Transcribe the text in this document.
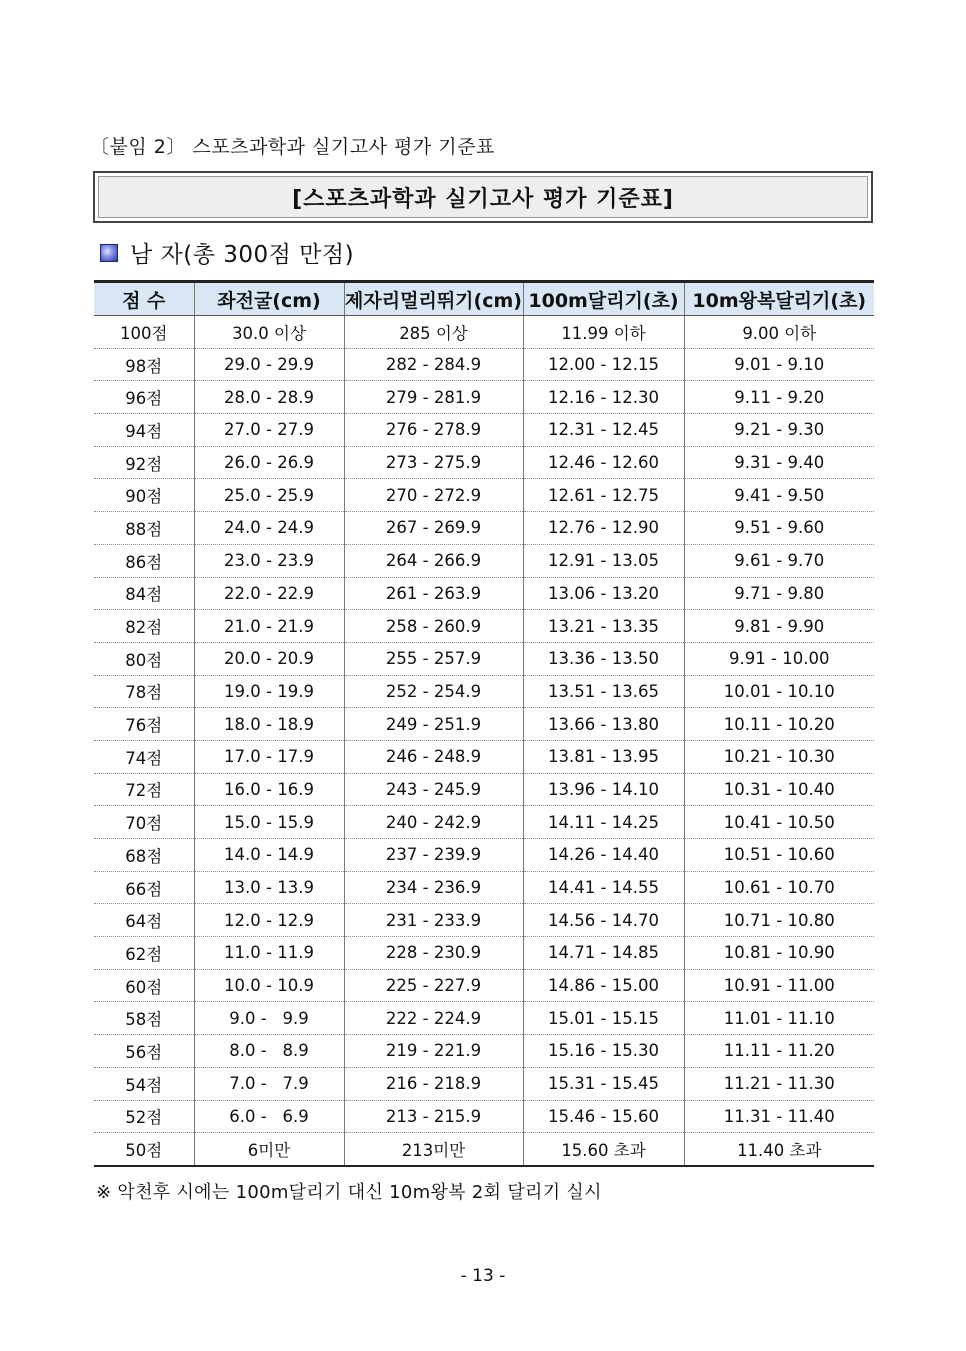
〔붙임 2〕 스포츠과학과 실기고사 평가 기준표
[스포츠과학과 실기고사 평가 기준표]
남 자(총 300점 만점)
점 수	좌전굴(cm)	제자리멀리뛰기(cm)	100m달리기(초)	10m왕복달리기(초)
100점	30.0 이상	285 이상	11.99 이하	9.00 이하
98점	29.0 - 29.9	282 - 284.9	12.00 - 12.15	9.01 - 9.10
96점	28.0 - 28.9	279 - 281.9	12.16 - 12.30	9.11 - 9.20
94점	27.0 - 27.9	276 - 278.9	12.31 - 12.45	9.21 - 9.30
92점	26.0 - 26.9	273 - 275.9	12.46 - 12.60	9.31 - 9.40
90점	25.0 - 25.9	270 - 272.9	12.61 - 12.75	9.41 - 9.50
88점	24.0 - 24.9	267 - 269.9	12.76 - 12.90	9.51 - 9.60
86점	23.0 - 23.9	264 - 266.9	12.91 - 13.05	9.61 - 9.70
84점	22.0 - 22.9	261 - 263.9	13.06 - 13.20	9.71 - 9.80
82점	21.0 - 21.9	258 - 260.9	13.21 - 13.35	9.81 - 9.90
80점	20.0 - 20.9	255 - 257.9	13.36 - 13.50	9.91 - 10.00
78점	19.0 - 19.9	252 - 254.9	13.51 - 13.65	10.01 - 10.10
76점	18.0 - 18.9	249 - 251.9	13.66 - 13.80	10.11 - 10.20
74점	17.0 - 17.9	246 - 248.9	13.81 - 13.95	10.21 - 10.30
72점	16.0 - 16.9	243 - 245.9	13.96 - 14.10	10.31 - 10.40
70점	15.0 - 15.9	240 - 242.9	14.11 - 14.25	10.41 - 10.50
68점	14.0 - 14.9	237 - 239.9	14.26 - 14.40	10.51 - 10.60
66점	13.0 - 13.9	234 - 236.9	14.41 - 14.55	10.61 - 10.70
64점	12.0 - 12.9	231 - 233.9	14.56 - 14.70	10.71 - 10.80
62점	11.0 - 11.9	228 - 230.9	14.71 - 14.85	10.81 - 10.90
60점	10.0 - 10.9	225 - 227.9	14.86 - 15.00	10.91 - 11.00
58점	9.0 -   9.9	222 - 224.9	15.01 - 15.15	11.01 - 11.10
56점	8.0 -   8.9	219 - 221.9	15.16 - 15.30	11.11 - 11.20
54점	7.0 -   7.9	216 - 218.9	15.31 - 15.45	11.21 - 11.30
52점	6.0 -   6.9	213 - 215.9	15.46 - 15.60	11.31 - 11.40
50점	6미만	213미만	15.60 초과	11.40 초과
※ 악천후 시에는 100m달리기 대신 10m왕복 2회 달리기 실시
- 13 -
